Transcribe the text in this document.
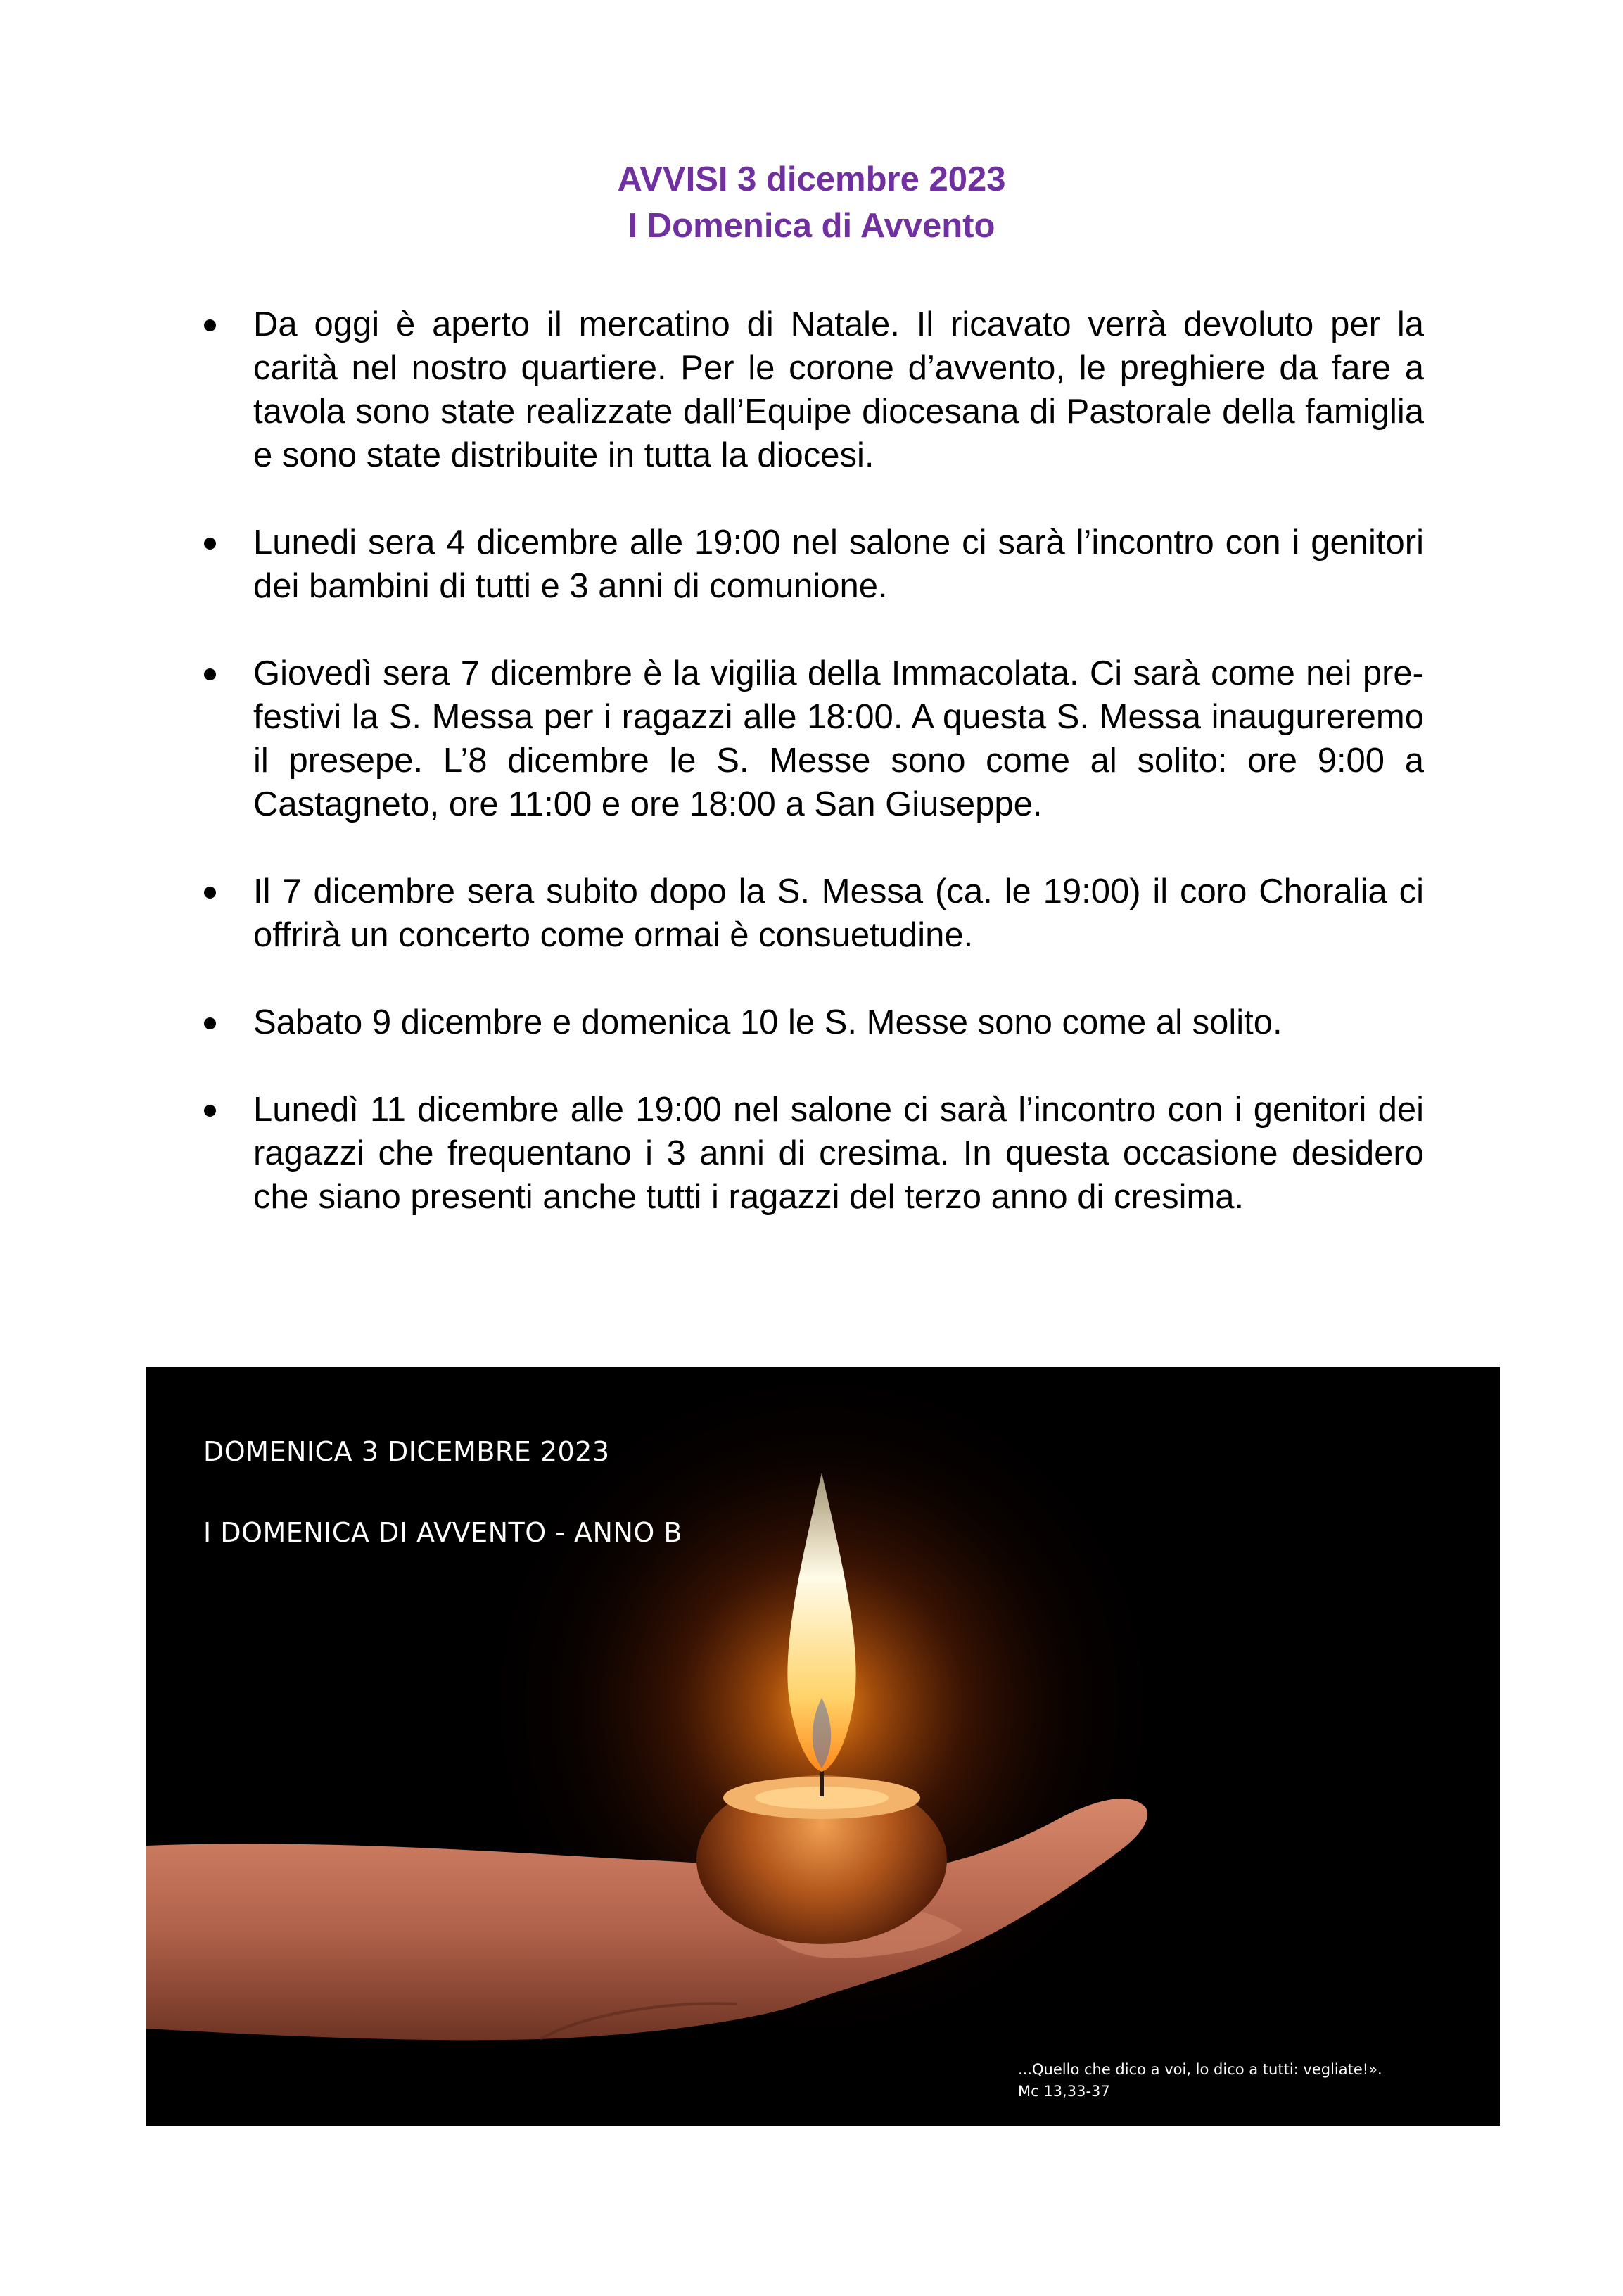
AVVISI 3 dicembre 2023
I Domenica di Avvento
Da oggi è aperto il mercatino di Natale. Il ricavato verrà devoluto per la carità nel nostro quartiere. Per le corone d’avvento, le preghiere da fare a tavola sono state realizzate dall’Equipe diocesana di Pastorale della famiglia e sono state distribuite in tutta la diocesi.
Lunedi sera 4 dicembre alle 19:00 nel salone ci sarà l’incontro con i genitori dei bambini di tutti e 3 anni di comunione.
Giovedì sera 7 dicembre è la vigilia della Immacolata. Ci sarà come nei pre-festivi la S. Messa per i ragazzi alle 18:00. A questa S. Messa inaugureremo il presepe. L’8 dicembre le S. Messe sono come al solito: ore 9:00 a Castagneto, ore 11:00 e ore 18:00 a San Giuseppe.
Il 7 dicembre sera subito dopo la S. Messa (ca. le 19:00) il coro Choralia ci offrirà un concerto come ormai è consuetudine.
Sabato 9 dicembre e domenica 10 le S. Messe sono come al solito.
Lunedì 11 dicembre alle 19:00 nel salone ci sarà l’incontro con i genitori dei ragazzi che frequentano i 3 anni di cresima. In questa occasione desidero che siano presenti anche tutti i ragazzi del terzo anno di cresima.
DOMENICA 3 DICEMBRE 2023
I DOMENICA DI AVVENTO - ANNO B
...Quello che dico a voi, lo dico a tutti: vegliate!».
Mc 13,33-37
